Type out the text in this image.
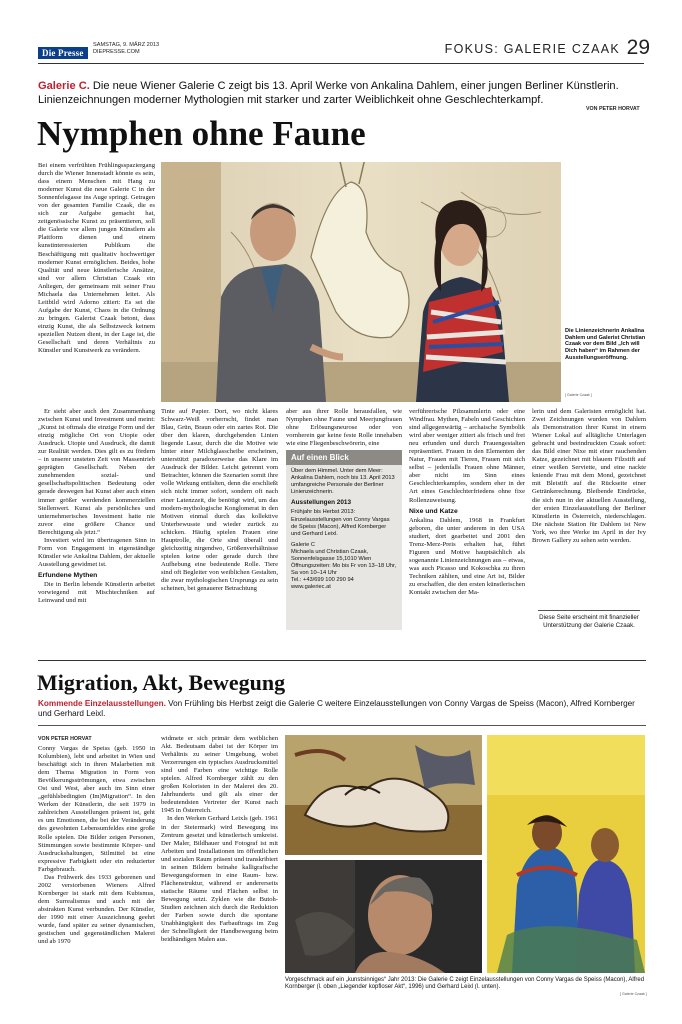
Die Presse
SAMSTAG, 9. MÄRZ 2013
DIEPRESSE.COM	FOKUS: GALERIE CZAAK 29
Galerie C. Die neue Wiener Galerie C zeigt bis 13. April Werke von Ankalina Dahlem, einer jungen Berliner Künstlerin. Linienzeichnungen moderner Mythologien mit starker und zarter Weiblichkeit ohne Geschlechterkampf.
VON PETER HORVAT
Nymphen ohne Faune

Bei einem verfrühten Frühlingsspaziergang durch die Wiener Innenstadt könnte es sein, dass einem Menschen mit Hang zu moderner Kunst die neue Galerie C in der Sonnenfelsgasse ins Auge springt. Getragen von der gesamten Familie Czaak, die es sich zur Aufgabe gemacht hat, zeitgenössische Kunst zu präsentieren, soll die Galerie vor allem jungen Künstlern als Plattform dienen und einem kunstinteressierten Publikum die Beschäftigung mit qualitativ hochwertiger moderner Kunst ermöglichen. Beides, hohe Qualität und neue künstlerische Ansätze, sind vor allem Christian Czaak ein Anliegen, der gemeinsam mit seiner Frau Michaela das Unternehmen leitet. Als Leitbild wird Adorno zitiert: Es sei die Aufgabe der Kunst, Chaos in die Ordnung zu bringen. Galerist Czaak betont, dass einzig Kunst, die als Selbstzweck keinem speziellen Nutzen dient, in der Lage ist, die Gesellschaft und deren Verhältnis zu Künstler und Kunstwerk zu verändern.

[ Galerie Czaak ]
Die Linienzeichnerin Ankalina Dahlem und Galerist Christian Czaak vor dem Bild „Ich will Dich haben“ im Rahmen der Ausstellungseröffnung.

Er sieht aber auch den Zusammenhang zwischen Kunst und Investment und meint: „Kunst ist oftmals die einzige Form und der einzig mögliche Ort von Utopie oder Ausdruck. Utopie und Ausdruck, die damit zur Realität werden. Dies gilt es zu fördern – in unserer unsteten Zeit von Massentrieb geprägten Gesellschaft. Neben der zunehmenden sozial- und gesellschaftspolitischen Bedeutung oder gerade deswegen hat Kunst aber auch einen immer größer werdenden kommerziellen Stellenwert. Kunst als persönliches und unternehmerisches Investment hatte nie zuvor eine größere Chance und Berechtigung als jetzt.“

Investiert wird im übertragenen Sinn in Form von Engagement in eigenständige Künstler wie Ankalina Dahlem, der aktuelle Ausstellung gewidmet ist.

Erfundene Mythen

Die in Berlin lebende Künstlerin arbeitet vorwiegend mit Mischtechniken auf Leinwand und mit

Tinte auf Papier. Dort, wo nicht klares Schwarz-Weiß vorherrscht, findet man Blau, Grün, Braun oder ein zartes Rot. Die über den klaren, durchgehenden Linien liegende Lasur, durch die die Motive wie hinter einer Milchglasscheibe erscheinen, unterstützt paradoxerweise das Klare im Ausdruck der Bilder. Leicht getrennt vom Betrachter, können die Szenarien somit ihre volle Wirkung entfalten, denn die erschließt sich nicht immer sofort, sondern oft nach einer Latenzzeit, die benötigt wird, um das modern-mythologische Konglomerat in den Motiven einmal durch das kollektive Unterbewusste und wieder zurück zu schicken. Häufig spielen Frauen eine Hauptrolle, die Orte sind überall und gleichzeitig nirgendwo, Größenverhältnisse spielen keine oder gerade durch ihre Aufhebung eine bedeutende Rolle. Tiere sind oft Begleiter von weiblichen Gestalten, die zwar mythologischen Ursprungs zu sein scheinen, bei genauerer Betrachtung

aber aus ihrer Rolle herausfallen, wie Nymphen ohne Faune und Meerjungfrauen ohne Erlösungsneurose oder von vornherein gar keine feste Rolle innehaben wie eine Fliegenbeschwörerin, eine

Auf einen Blick
Über dem Himmel. Unter dem Meer: Ankalina Dahlem, noch bis 13. April 2013 umfangreiche Personale der Berliner Linienzeichnerin.
Ausstellungen 2013
Frühjahr bis Herbst 2013: Einzelausstellungen von Conny Vargas de Speiss (Macon), Alfred Kornberger und Gerhard Leixl.
Galerie C
Michaela und Christian Czaak, Sonnenfelsgasse 15,1010 Wien
Öffnungszeiten: Mo bis Fr von 13–18 Uhr, Sa von 10–14 Uhr
Tel.: +43/699 100 290 94
www.galeriec.at

verführerische Pilzsammlerin oder eine Windfrau. Mythen, Fabeln und Geschichten sind allgegenwärtig – archaische Symbolik wird aber weniger zitiert als frisch und frei neu erfunden und durch Frauengestalten repräsentiert. Frauen in den Elementen der Natur, Frauen mit Tieren, Frauen mit sich selbst – jedenfalls Frauen ohne Männer, aber nicht im Sinn eines Geschlechterkampfes, sondern eher in der Art eines Geschlechterfriedens ohne fixe Rollenzuweisung.

Nixe und Katze

Ankalina Dahlem, 1968 in Frankfurt geboren, die unter anderem in den USA studiert, dort gearbeitet und 2001 den Trenz-Merz-Preis erhalten hat, führt Figuren und Motive hauptsächlich als sogenannte Linienzeichnungen aus – etwas, was auch Picasso und Kokoschka zu ihren Techniken zählten, und eine Art ist, Bilder zu erschaffen, die den ersten künstlerischen Kontakt zwischen der Ma-

lerin und dem Galeristen ermöglicht hat. Zwei Zeichnungen wurden von Dahlem als Demonstration ihrer Kunst in einem Wiener Lokal auf alltägliche Unterlagen gebracht und beeindruckten Czaak sofort: das Bild einer Nixe mit einer rauchenden Katze, gezeichnet mit blauem Filzstift auf einer weißen Serviette, und eine nackte kniende Frau mit dem Mond, gezeichnet mit Bleistift auf die Rückseite einer Getränkerechnung. Bleibende Eindrücke, die sich nun in der aktuellen Ausstellung, der ersten Einzelausstellung der Berliner Künstlerin in Österreich, niederschlagen. Die nächste Station für Dahlem ist New York, wo ihre Werke im April in der Ivy Brown Gallery zu sehen sein werden.

Diese Seite erscheint mit finanzieller Unterstützung der Galerie Czaak.
Migration, Akt, Bewegung
Kommende Einzelausstellungen. Von Frühling bis Herbst zeigt die Galerie C weitere Einzelausstellungen von Conny Vargas de Speiss (Macon), Alfred Kornberger und Gerhard Leixl.
VON PETER HORVAT

Conny Vargas de Speiss (geb. 1950 in Kolumbien), lebt und arbeitet in Wien und beschäftigt sich in ihren Malarbeiten mit dem Thema Migration in Form von Bevölkerungsströmungen, etwa zwischen Ost und West, aber auch im Sinn einer „gefühlsbedingten (Im)Migration“. In den Werken der Künstlerin, die seit 1979 in zahlreichen Ausstellungen präsent ist, geht es um Emotionen, die bei der Veränderung des gewohnten Lebensumfeldes eine große Rolle spielen. Die Bilder zeigen Personen, Stimmungen sowie bestimmte Körper- und Ausdruckshaltungen, Stilmittel ist eine expressive Farbigkeit oder ein reduzierter Farbgebrauch.

Das Frühwerk des 1933 geborenen und 2002 verstorbenen Wieners Alfred Kornberger ist stark mit dem Kubismus, dem Surrealismus und auch mit der abstrakten Kunst verbunden. Der Künstler, der 1990 mit einer Auszeichnung geehrt wurde, fand später zu seiner dynamischen, gestischen und gegenständlichen Malerei und ab 1970

widmete er sich primär dem weiblichen Akt. Bedeutsam dabei ist der Körper im Verhältnis zu seiner Umgebung, wobei Verzerrungen ein typisches Ausdrucksmittel sind und Farben eine wichtige Rolle spielen. Alfred Kornberger zählt zu den großen Koloristen in der Malerei des 20. Jahrhunderts und gilt als einer der bedeutendsten Vertreter der Kunst nach 1945 in Österreich.

In den Werken Gerhard Leixls (geb. 1961 in der Steiermark) wird Bewegung ins Zentrum gesetzt und künstlerisch umkreist. Der Maler, Bildhauer und Fotograf ist mit Arbeiten und Installationen im öffentlichen und sozialen Raum präsent und transkribiert in seinen Bildern beinahe kalligrafische Bewegungsformen in eine Raum- bzw. Flächenstruktur, während er andererseits statische Räume und Flächen selbst in Bewegung setzt. Zyklen wie die Butoh-Studien zeichnen sich durch die Reduktion der Farben sowie durch die spontane Unabhängigkeit des Farbauftrags im Zug der Schnelligkeit der Handbewegung beim beidhändigen Malen aus.

Vorgeschmack auf ein „kunstsinniges“ Jahr 2013: Die Galerie C zeigt Einzelausstellungen von Conny Vargas de Speiss (Macon), Alfred Kornberger (l. oben „Liegender kopfloser Akt“, 1996) und Gerhard Leixl (l. unten).
[ Galerie Czaak ]
